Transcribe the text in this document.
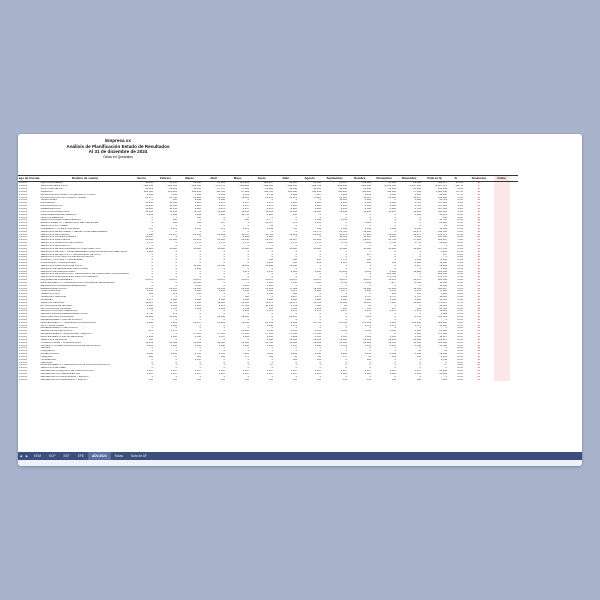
Empresa xx
Análisis de Planificación Estado de Resultados
Al 31 de diciembre de 2024
Cifras en Quetzales
ago de Cuenta	Nombre de cuenta	Enero	Febrero	Marzo	Abril	Mayo	Junio	Julio	Agosto	Septiembre	Octubre	Noviembre	Diciembre	Total en Q.	%	Tendencia	Indice	
1-16-01	VENTA DE BIENES	11,062	54,453	26,640	21,281	125,034	286,487	41,136	81,050	26,367	451,389	35,892	20,644	508,177	25.9%	N		
1-16-01	VENTA DE SERVICIOS	-566,942	-603,332	-908,350	-672,721	-634,083	-852,096	-940,960	-892,569	-289,445	-621,136	-1,239,196	-1,267,140	-9,607,374	-84.7%	L		
1-16-01	COSTO DE VENTA	90,029	28,861	19,293	27,767	27,294	28,918	16,048	10,053	18,288	80,018	58,828	21,668	455,130	0.0%	N		
1-16-01	SUELDOS	122,000	123,405	108,234	131,111	97,824	114,718	101,390	113,249	113,263	112,200	114,323	97,832	1,322,564	11.7%	N		
1-16-01	BONIFICACIÓN INCENTIVO DECRETO 37-2001	8,250	7,500	7,000	6,500	6,531	6,750	6,980	7,087	6,950	6,245	6,532	6,900	82,025	0.7%	N		
1-16-01	BONIFICACIÓN POR PRODUCTIVIDAD	20,277	21,760	22,232	22,242	19,913	22,251	20,872	17,826	20,622	14,525	21,850	18,927	243,296	2.1%	N		
1-16-01	VACACIONES	0	616	9,834	3,888	0	0	0	0	14,831	3,664	0	1,896	34,729	0.3%	N		
1-16-01	AGUINALDO	10,210	10,534	9,020	8,478	8,157	8,678	8,820	9,480	9,432	8,364	8,422	8,722	107,999	1.1%	N		
1-16-01	BONIFICACIÓN 14	10,210	10,534	9,020	8,478	8,157	8,678	8,820	9,480	9,432	8,364	8,422	8,722	107,999	1.1%	N		
1-16-01	INDEMNIZACION	10,210	10,534	9,020	8,478	8,157	8,678	8,820	9,480	9,432	8,364	8,422	8,722	107,999	1.1%	N		
1-16-01	CUOTA PATRONAL IGSS	15,652	15,259	13,722	13,582	13,403	13,191	13,300	14,043	14,342	13,216	12,807	13,284	165,001	1.5%	N		
1-16-01	UNIFORMES DE EMPLEADOS	8,212	2,844	1,811	1,968	11,755	8,900	200	0	0	0	0	2,630	38,220	0.3%	N		
1-16-01	GASTOS MEDICOS	0	0	560	0	0	0	0	0	0	0	0	0	560	0.0%	N		
1-16-01	CAPACITACIONES A EMPLEADOS	0	436	0	0	980	5,777	0	4,184	2,132	0	0	0	13,710	0.1%	N		
1-16-01	RECLUTAMIENTO Y SELECCIÓN DEL PERSONAL	0	180	180	287	0	14,537	176	5,210	0	2,484	0	0	28,633	0.3%	N		
1-16-01	SERVICIO TAXI / UBER	0	0	0	0	0	91	0	0	0	0	0	0	91	0.0%	N		
1-16-01	PAPELERIA Y UTILES CONSUMO	167	1,670	1,556	870	1,670	1,649	763	811	1,096	2,304	1,694	2,258	15,460	0.1%	N		
1-16-01	SERVICIOS DE ENTREGA Y REPARTO DE MERCADERIA	0	0	0	0	0	0	0	29,770	21,761	29,060	0	28,171	102,341	1.0%	N		
1-16-01	SERVICIOS DE DOMINIO	4,398	20,967	21,143	25,069	11,137	16,754	16,019	26,865	16,472	27,993	22,360	46,975	261,575	2.3%	N		
1-16-01	SERVICIOS PROFESIONALES	43,657	0	0	0	6,000	6,000	0	0	16,363	16,363	6,000	6,000	100,383	0.9%	N		
1-16-01	SERVICIOS PRESTADOS	38,246	80,696	84,221	34,603	66,530	82,547	66,637	80,684	24,063	89,617	93,732	47,630	862,187	7.6%	N		
1-16-01	SERVICIO FORMACIÓN DE PLAZAS	1,741	0	1,741	1,741	1,741	3,482	1,741	1,741	1,741	3,482	1,741	1,741	22,853	0.2%	N		
1-16-01	SERVICIOS BANCARIOS	0	0	0	0	0	0	0	0	0	0	0	0	0	0.0%	N		
1-16-01	SERVICIOS DE MANTENIMIENTO CORPORATIVOS	10,628	10,628	10,628	10,628	10,628	10,628	10,628	10,628	10,628	10,628	10,628	10,628	127,536	1.1%	N		
1-16-01	SERVICIOS DE USO Y ALMACENAMIENTO DE INFORMACION SERVIDOR	2,422	0	0	0	0	0	0	0	0	0	0	0	2,422	0.0%	N		
1-16-01	SERVICIOS DE ARCHIVO Y RESGUARDO DE SITIO	0	0	0	0	0	0	0	0	0	467	0	0	467	0.0%	N		
1-16-01	SERVICIOS POR GASTOS DE IMPORTACIÓN	0	0	0	0	0	0	0	0	0	0	0	0	0	0.0%	N		
1-16-01	DOMINIO, HOSTING Y PAGINA WEB	0	0	0	0	0	166	460	126	3,770	160	0	1,533	6,045	0.1%	N		
1-16-01	PUBLICIDAD Y PROPAGANDA	0	0	0	0	0	2,191	150	259	2,015	856	154	6,300	14,840	0.1%	N		
1-16-01	SERVICIOS PRESTADOS DE RUTA	0	0	11,600	10,140	13,161	15,282	13,048	0	0	0	0	8,657	69,891	0.6%	N		
1-16-01	SERVICIO DE SEGURIDAD INDUSTRIAL	0	0	1,280	0	0	0	0	0	0	0	0	0	1,280	0.0%	N		
1-16-01	SERVICIO DE LABORATORIO	0	0	0	0	3,971	1,355	8,082	6,480	85,845	6,485	8,882	16,884	123,432	1.2%	N		
1-16-01	SERVICIOS DE LOGISTICA Y RESGUARDO DE INVENTARIO CONSIGNADO	0	0	0	0	0	0	0	0	0	0	225,538	0	225,538	2.0%	N		
1-16-01	SERVICIOS PRESTADOS EN PLANTA DIVERSOS	0	0	0	0	0	0	0	0	0	0	176,761	0	176,761	1.5%	N		
1-16-01	ALQUILER DE INMUEBLES	43,878	43,878	43,878	43,878	43,878	43,878	43,878	43,878	43,878	43,878	43,878	43,878	526,536	4.6%	N		
1-16-01	MANTENIMIENTO Y REPARACIÓN A PROPIEDAD ARRENDADA	0	0	12,000	0	0	1,082	6,790	7,213	6,780	6,123	7,977	4,000	52,654	0.5%	N		
1-16-01	MEJORAS A PROPIEDAD ARRENDADA	0	0	5,511	0	4,281	4,385	0	0	0	0	0	0	14,411	0.1%	N		
1-16-01	ENERGÍA ELÉCTRICA	23,661	20,210	22,640	24,452	22,381	25,029	17,669	19,262	22,451	18,668	20,206	19,319	262,987	2.3%	N		
1-16-01	TASA MUNICIPAL	1,493	1,280	1,300	1,462	1,433	1,393	1,376	1,326	1,071	1,066	1,502	1,633	17,490	0.2%	N		
1-16-01	TELÉFONO FIJO	362	271	143	0	0	3,608	460	0	0	0	250	211	5,066	0.0%	N		
1-16-01	TELEFONO CELULAR	0	0	0	0	160	0	2,897	2,873	2,529	2,797	2,797	2,797	16,850	0.1%	N		
1-16-01	INTERNET	1,075	1,088	1,088	1,088	1,088	1,088	1,088	1,088	1,088	1,088	1,088	1,088	13,043	0.1%	N		
1-16-01	SERVICIO DE AGUA	14,270	15,720	5,530	12,920	24,120	12,075	10,875	15,755	16,465	18,055	7,425	20,460	175,670	1.7%	N		
1-16-01	EXTRACCIÓN DE BASURA	3,840	2,944	2,920	2,176	17,565	10,464	6,789	7,328	80	16	0	0	54,124	0.5%	N		
1-16-01	ARTICULOS DE LIMPIEZA	1,142	5,716	3,062	3,384	1,749	356	1,511	1,331	483	332	427	903	20,785	0.2%	N		
1-16-01	SEGURO CONTRA INCENDIOS	0	0	0	0	2,125	1,670	1,670	1,670	1,670	1,670	1,670	1,670	13,815	0.1%	N		
1-16-01	SEGURO FIANZA ENERGÍA ELÉCTRICA	2,750	572	0	0	0	0	0	0	0	0	0	0	3,322	0.0%	N		
1-16-01	GAS PARA MONTACARGAS	14,024	16,206	0	16,290	19,663	0	20,813	0	0	7,283	0	8,780	103,059	0.9%	N		
1-16-01	ARRENDAMIENTO DE VEHÍCULOS	0	0	0	0	0	0	0	0	0	0	0	0	0	0.0%	N		
1-16-01	MANTENIMIENTO Y REPARACIÓN VEHICULOS	8,980	8,821	21,437	21,609	39,590	86,481	79,449	24,755	60,558	117,189	8,825	138,648	586,180	5.2%	N		
1-16-01	GPS Y MONITOREO	0	2,343	0	0	0	4,298	1,571	0	0	1,571	1,571	1,571	12,925	0.1%	N		
1-16-01	ARRENDAMIENTO VEHÍCULOS	0	0	0	0	0	0	0	0	0	0	0	0	0	0.0%	N		
1-16-01	SEGUROS DE VEHÍCULOS	270	3,378	0	0	23,806	3,341	8,335	8,335	8,335	8,335	8,335	8,335	80,805	0.7%	N		
1-16-01	ARRENDAMIENTO MAQUINARIA Y EQUIPO	0	0	27,584	27,584	27,584	27,584	27,584	27,584	0	0	0	6,000	171,504	1.5%	N		
1-16-01	MANTENIMIENTO DE IMPRESORAS	1,569	1,846	1,511	1,507	1,491	1,850	1,689	1,505	1,505	1,512	1,513	1,519	18,017	0.2%	N		
1-16-01	SERVICIOS DE FLETE	850	0	0	0	0	2,840	11,694	29,859	21,080	21,343	82,914	82,690	253,270	2.2%	N		
1-16-01	COMBUSTIBLES Y LUBRICANTES	15,359	40,699	40,699	48,688	51,910	88,766	30,626	36,969	32,353	28,629	33,354	53,338	501,390	4.4%	N		
1-16-01	IMPUESTO SOBRE CIRCULACIÓN DE VEHÍCULOS	1,291	5,408	1,393	3,468	3,808	2,033	3,057	2,886	2,319	3,651	2,220	3,854	35,388	0.3%	N		
1-16-01	PEAJES	0	0	0	0	0	0	0	0	0	0	0	0	0	0.0%	N		
1-16-01	PARQUEOS	0	0	0	0	0	0	0	0	0	0	0	41	41	0.0%	N		
1-16-01	ALIMENTACION	2,260	1,295	2,790	6,720	7,220	6,213	6,891	9,058	5,060	6,834	6,809	8,940	69,940	0.6%	N		
1-16-01	PARQUEO	180	47	660	950	573	503	50	90	170	52	506	180	4,001	0.0%	N		
1-16-01	HOSPEDAJE	0	0	1,050	0	0	0	662	454	0	600	0	0	2,766	0.0%	N		
1-16-01	CELULAR	0	0	0	0	0	0	0	0	0	0	0	0	0	0.0%	N		
1-16-01	MANTENIMIENTO Y REPARACIÓN DE VEHÍCULO EN RUTA	0	0	0	0	0	27	0	0	0	0	0	0	27	0.0%	N		
1-16-01	SERVICIOS DE UBER	0	0	0	0	0	0	0	0	0	0	0	0	0	0.0%	N		
1-16-01	DEPRECIACIÓN EQUIPO DE COMPUTACIÓN	3,226	2,507	2,507	2,536	2,207	2,207	2,207	2,207	2,207	2,207	2,207	2,207	28,430	0.3%	N		
1-16-01	DEPRECIACIÓN HERRAMIENTAS	5,497	5,497	5,497	5,497	5,497	5,497	5,497	5,324	5,324	5,324	5,324	5,324	65,112	0.6%	N		
1-16-01	DEPRECIACIÓN MAQUINARIA Y EQUIPO	0	0	0	0	0	0	0	0	0	0	0	0	0	0.0%	N		
1-16-01	DEPRECIACIÓN MOBILIARIO Y EQUIPO	650	650	650	650	650	650	650	650	650	650	650	650	7,800	0.1%	N		
◀	▶	EEM	ECP	BST	EFE	ADV-2024	Notas	Nota de AF
